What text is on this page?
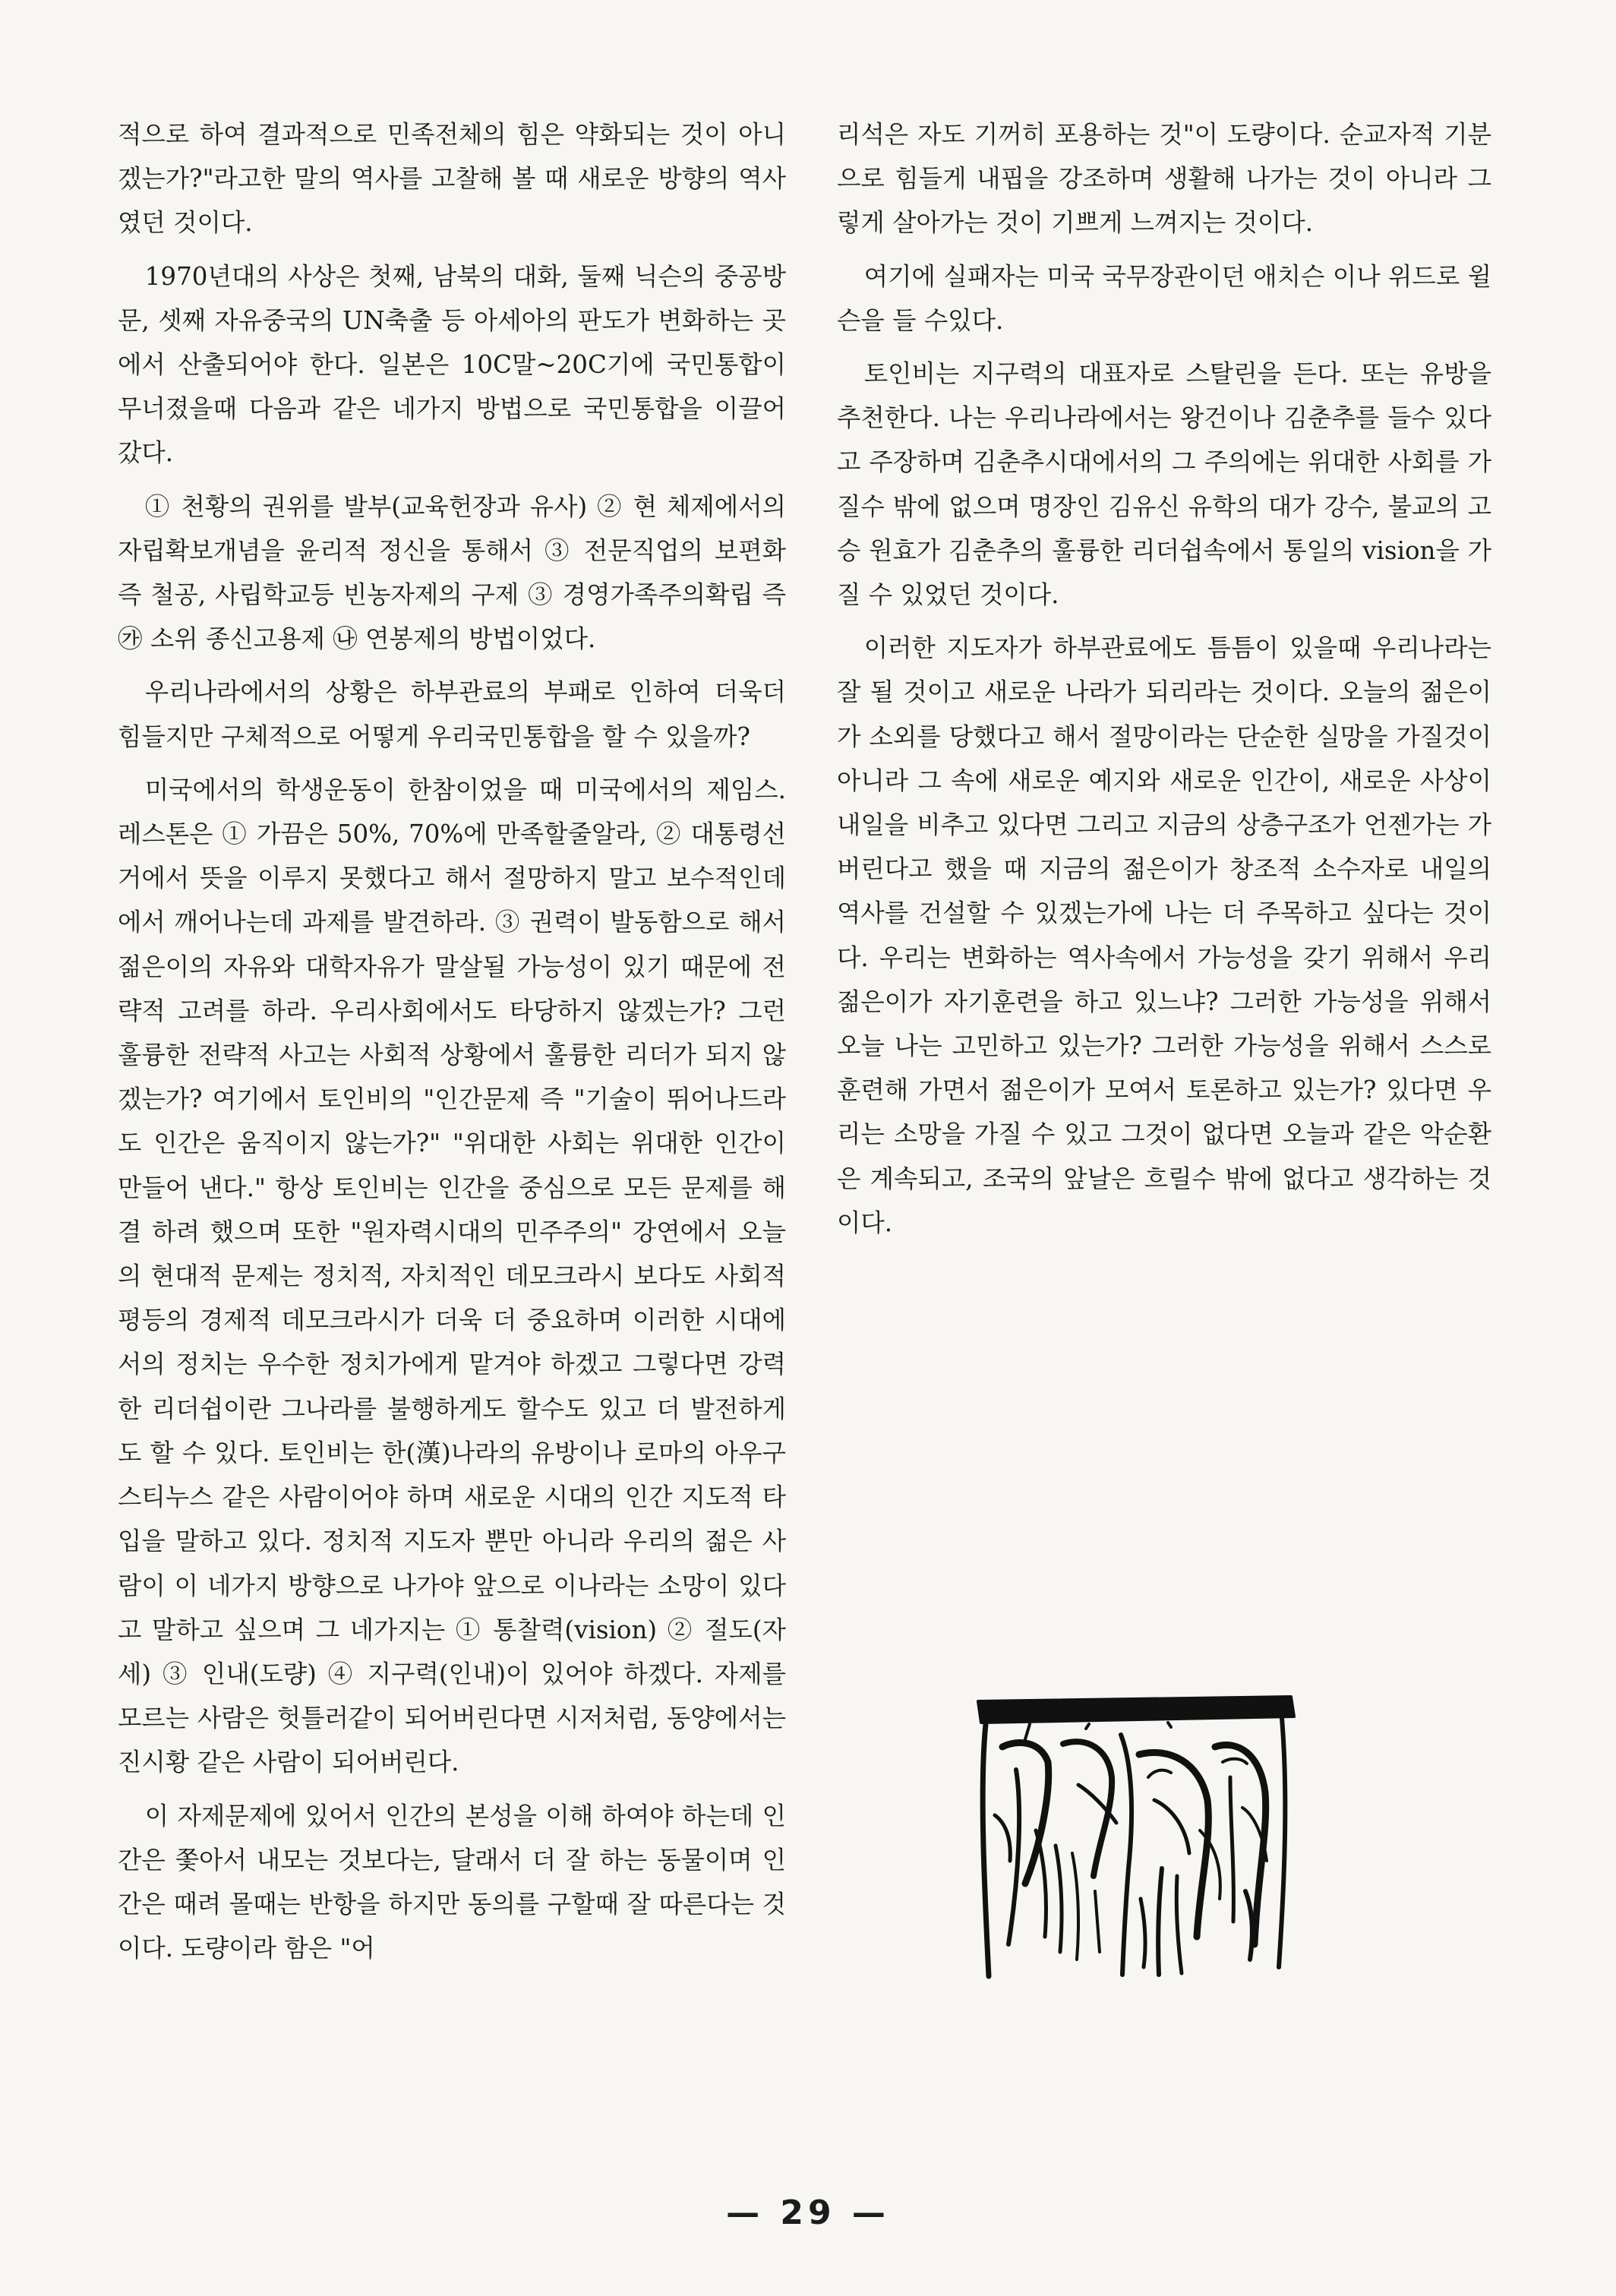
적으로 하여 결과적으로 민족전체의 힘은 약화되는 것이 아니겠는가?"라고한 말의 역사를 고찰해 볼 때 새로운 방향의 역사였던 것이다.

1970년대의 사상은 첫째, 남북의 대화, 둘째 닉슨의 중공방문, 셋째 자유중국의 UN축출 등 아세아의 판도가 변화하는 곳에서 산출되어야 한다. 일본은 10C말~20C기에 국민통합이 무너졌을때 다음과 같은 네가지 방법으로 국민통합을 이끌어 갔다.

① 천황의 권위를 발부(교육헌장과 유사) ② 현 체제에서의 자립확보개념을 윤리적 정신을 통해서 ③ 전문직업의 보편화 즉 철공, 사립학교등 빈농자제의 구제 ③ 경영가족주의확립 즉 ㉮ 소위 종신고용제 ㉯ 연봉제의 방법이었다.

우리나라에서의 상황은 하부관료의 부패로 인하여 더욱더 힘들지만 구체적으로 어떻게 우리국민통합을 할 수 있을까?

미국에서의 학생운동이 한참이었을 때 미국에서의 제임스. 레스톤은 ① 가끔은 50%, 70%에 만족할줄알라, ② 대통령선거에서 뜻을 이루지 못했다고 해서 절망하지 말고 보수적인데에서 깨어나는데 과제를 발견하라. ③ 권력이 발동함으로 해서 젊은이의 자유와 대학자유가 말살될 가능성이 있기 때문에 전략적 고려를 하라. 우리사회에서도 타당하지 않겠는가? 그런 훌륭한 전략적 사고는 사회적 상황에서 훌륭한 리더가 되지 않겠는가? 여기에서 토인비의 "인간문제 즉 "기술이 뛰어나드라도 인간은 움직이지 않는가?" "위대한 사회는 위대한 인간이 만들어 낸다." 항상 토인비는 인간을 중심으로 모든 문제를 해결 하려 했으며 또한 "원자력시대의 민주주의" 강연에서 오늘의 현대적 문제는 정치적, 자치적인 데모크라시 보다도 사회적 평등의 경제적 데모크라시가 더욱 더 중요하며 이러한 시대에서의 정치는 우수한 정치가에게 맡겨야 하겠고 그렇다면 강력한 리더쉽이란 그나라를 불행하게도 할수도 있고 더 발전하게도 할 수 있다. 토인비는 한(漢)나라의 유방이나 로마의 아우구스티누스 같은 사람이어야 하며 새로운 시대의 인간 지도적 타입을 말하고 있다. 정치적 지도자 뿐만 아니라 우리의 젊은 사람이 이 네가지 방향으로 나가야 앞으로 이나라는 소망이 있다고 말하고 싶으며 그 네가지는 ① 통찰력(vision) ② 절도(자세) ③ 인내(도량) ④ 지구력(인내)이 있어야 하겠다. 자제를 모르는 사람은 헛틀러같이 되어버린다면 시저처럼, 동양에서는 진시황 같은 사람이 되어버린다.

이 자제문제에 있어서 인간의 본성을 이해 하여야 하는데 인간은 쫓아서 내모는 것보다는, 달래서 더 잘 하는 동물이며 인간은 때려 몰때는 반항을 하지만 동의를 구할때 잘 따른다는 것이다. 도량이라 함은 "어

리석은 자도 기꺼히 포용하는 것"이 도량이다. 순교자적 기분으로 힘들게 내핍을 강조하며 생활해 나가는 것이 아니라 그렇게 살아가는 것이 기쁘게 느껴지는 것이다.

여기에 실패자는 미국 국무장관이던 애치슨 이나 위드로 윌슨을 들 수있다.

토인비는 지구력의 대표자로 스탈린을 든다. 또는 유방을 추천한다. 나는 우리나라에서는 왕건이나 김춘추를 들수 있다고 주장하며 김춘추시대에서의 그 주의에는 위대한 사회를 가질수 밖에 없으며 명장인 김유신 유학의 대가 강수, 불교의 고승 원효가 김춘추의 훌륭한 리더쉽속에서 통일의 vision을 가질 수 있었던 것이다.

이러한 지도자가 하부관료에도 틈틈이 있을때 우리나라는 잘 될 것이고 새로운 나라가 되리라는 것이다. 오늘의 젊은이가 소외를 당했다고 해서 절망이라는 단순한 실망을 가질것이 아니라 그 속에 새로운 예지와 새로운 인간이, 새로운 사상이 내일을 비추고 있다면 그리고 지금의 상층구조가 언젠가는 가버린다고 했을 때 지금의 젊은이가 창조적 소수자로 내일의 역사를 건설할 수 있겠는가에 나는 더 주목하고 싶다는 것이다. 우리는 변화하는 역사속에서 가능성을 갖기 위해서 우리 젊은이가 자기훈련을 하고 있느냐? 그러한 가능성을 위해서 오늘 나는 고민하고 있는가? 그러한 가능성을 위해서 스스로 훈련해 가면서 젊은이가 모여서 토론하고 있는가? 있다면 우리는 소망을 가질 수 있고 그것이 없다면 오늘과 같은 악순환은 계속되고, 조국의 앞날은 흐릴수 밖에 없다고 생각하는 것이다.

— 29 —
